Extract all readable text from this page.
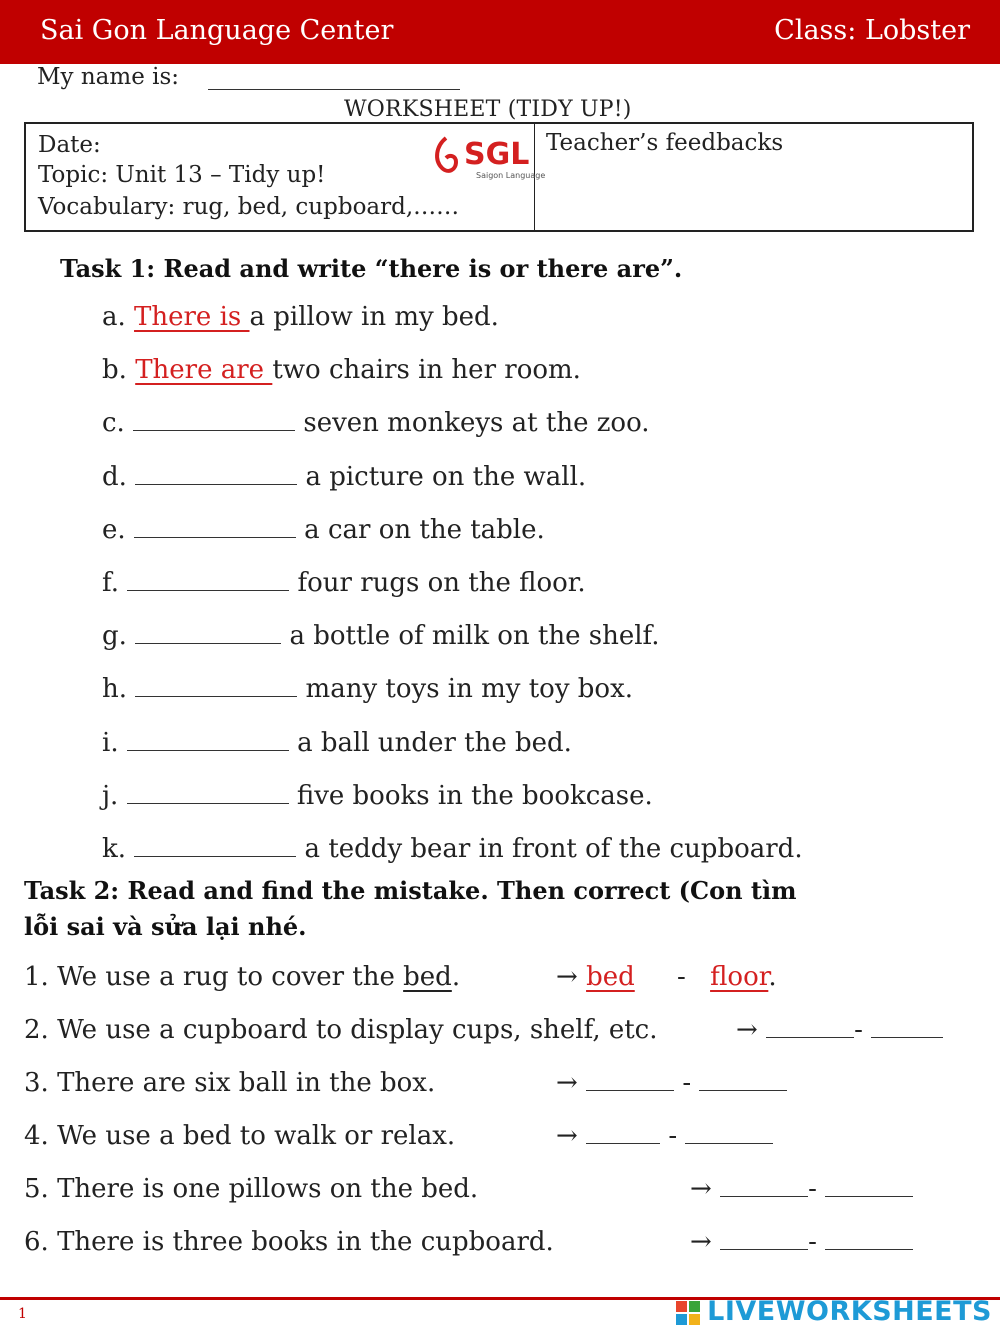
Sai Gon Language Center	Class: Lobster
My name is:
WORKSHEET (TIDY UP!)
Date:
Topic: Unit 13 – Tidy up!
Vocabulary: rug, bed, cupboard,……
SGL
Saigon Language
Teacher’s feedbacks
Task 1: Read and write “there is or there are”.
a. There is a pillow in my bed.
b. There are two chairs in her room.
c.	seven monkeys at the zoo.
d.	a picture on the wall.
e.	a car on the table.
f.	four rugs on the floor.
g.	a bottle of milk on the shelf.
h.	many toys in my toy box.
i.	a ball under the bed.
j.	five books in the bookcase.
k.	a teddy bear in front of the cupboard.
Task 2: Read and find the mistake. Then correct (Con tìm
lỗi sai và sửa lại nhé.
1. We use a rug to cover the bed.	→ bed - floor.
2. We use a cupboard to display cups, shelf, etc.	→	-
3. There are six ball in the box.	→	-
4. We use a bed to walk or relax.	→	-
5. There is one pillows on the bed.	→	-
6. There is three books in the cupboard.	→	-
1	LIVEWORKSHEETS
